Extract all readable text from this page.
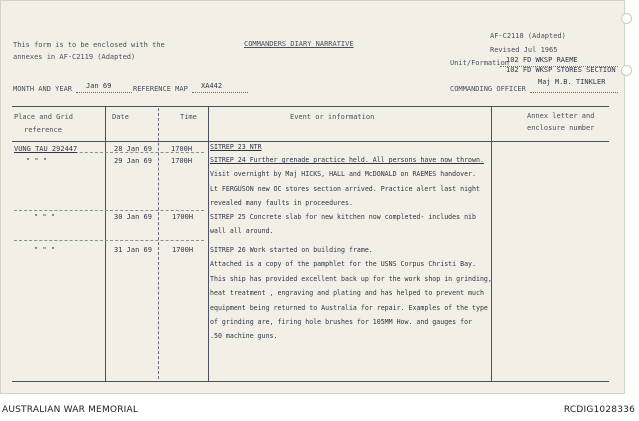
This form is to be enclosed with the
annexes in AF-C2119 (Adapted)
COMMANDERS DIARY NARRATIVE
AF-C2118 (Adapted)
Revised Jul 1965
Unit/Formation
102 FD WKSP RAEME
102 FD WKSP STORES SECTION
MONTH AND YEAR Jan 69	REFERENCE MAP XA442	COMMANDING OFFICER
Maj M.B. TINKLER
Place and Grid
reference
Date	Time	Event or information	Annex letter and
enclosure number
VUNG TAU 292447	28 Jan 69	1700H	SITREP 23 NTR
" " "	29 Jan 69	1700H	SITREP 24 Further grenade practice held. All persons have now thrown.
Visit overnight by Maj HICKS, HALL and McDONALD on RAEMES handover.
Lt FERGUSON new OC stores section arrived. Practice alert last night
revealed many faults in proceedures.
" " "	30 Jan 69	1700H	SITREP 25 Concrete slab for new kitchen now completed- includes nib
wall all around.
" " "	31 Jan 69	1700H	SITREP 26 Work started on building frame.
Attached is a copy of the pamphlet for the USNS Corpus Christi Bay.
This ship has provided excellent back up for the work shop in grinding,
heat treatment , engraving and plating and has helped to prevent much
equipment being returned to Australia for repair. Examples of the type
of grinding are, firing hole brushes for 105MM How. and gauges for
.50 machine guns.
AUSTRALIAN WAR MEMORIAL	RCDIG1028336
